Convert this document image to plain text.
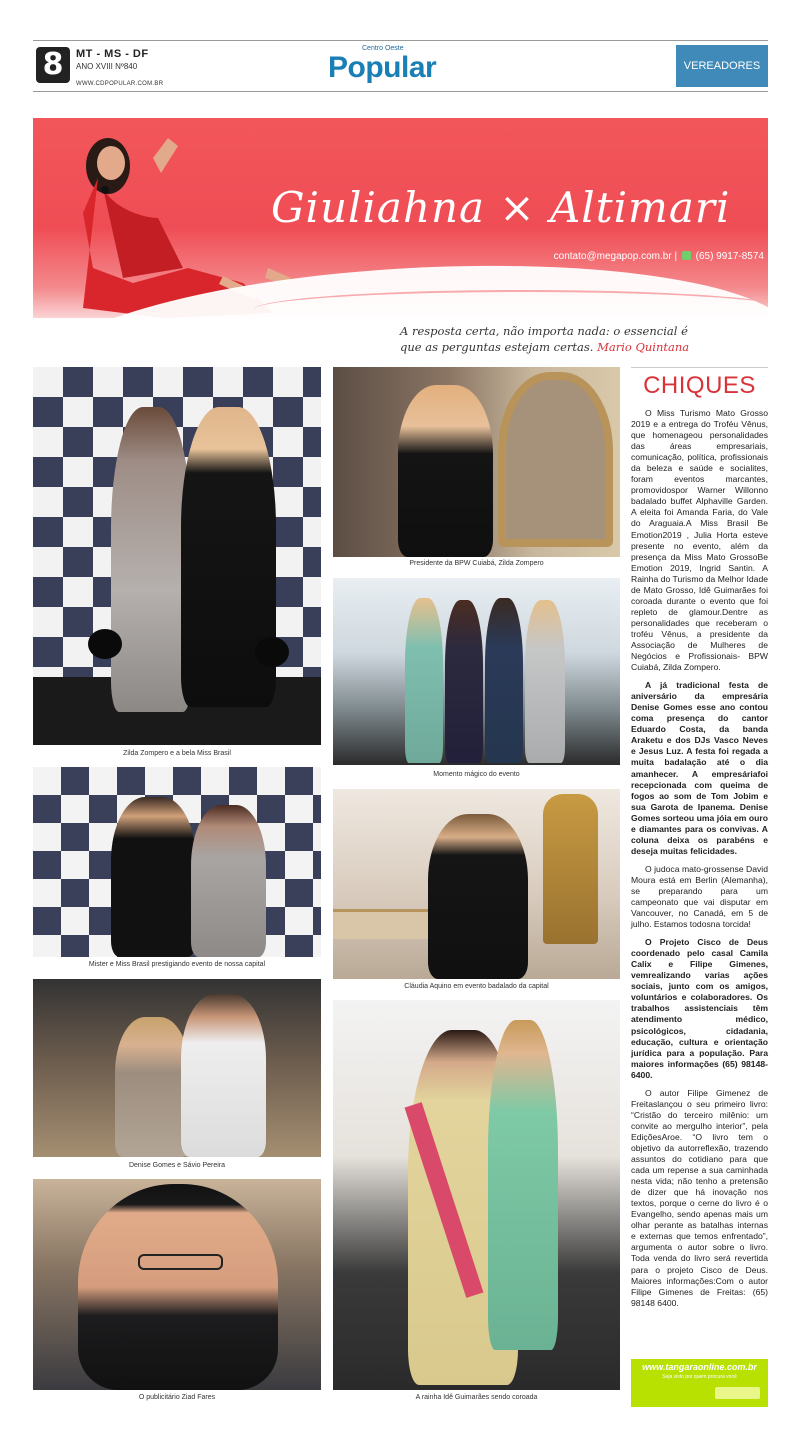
8	MT - MS - DF
ANO XVIII Nº840
WWW.CDPOPULAR.COM.BR
Centro Oeste
Popular	VEREADORES
Giuliahna × Altimari
contato@megapop.com.br |  (65) 9917-8574
A resposta certa, não importa nada: o essencial é que as perguntas estejam certas. Mario Quintana
Zilda Zompero e a bela Miss Brasil
Presidente da BPW Cuiabá, Zilda Zompero
Momento mágico do evento
Mister e Miss Brasil prestigiando evento de nossa capital
Cláudia Aquino em evento badalado da capital
Denise Gomes e Sávio Pereira
A rainha Idê Guimarães sendo coroada
O publicitário Ziad Fares
CHIQUES

O Miss Turismo Mato Grosso 2019 e a entrega do Troféu Vênus, que homenageou personalidades das áreas empresariais, comunicação, política, profissionais da beleza e saúde e socialites, foram eventos marcantes, promovidospor Warner Willonno badalado buffet Alphaville Garden. A eleita foi Amanda Faria, do Vale do Araguaia.A Miss Brasil Be Emotion2019 , Julia Horta esteve presente no evento, além da presença da Miss Mato GrossoBe Emotion 2019, Ingrid Santin. A Rainha do Turismo da Melhor Idade de Mato Grosso, Idê Guimarães foi coroada durante o evento que foi repleto de glamour.Dentre as personalidades que receberam o troféu Vênus, a presidente da Associação de Mulheres de Negócios e Profissionais- BPW Cuiabá, Zilda Zompero.

A já tradicional festa de aniversário da empresária Denise Gomes esse ano contou coma presença do cantor Eduardo Costa, da banda Araketu e dos DJs Vasco Neves e Jesus Luz. A festa foi regada a muita badalação até o dia amanhecer. A empresáriafoi recepcionada com queima de fogos ao som de Tom Jobim e sua Garota de Ipanema. Denise Gomes sorteou uma jóia em ouro e diamantes para os convivas. A coluna deixa os parabéns e deseja muitas felicidades.

O judoca mato-grossense David Moura está em Berlin (Alemanha), se preparando para um campeonato que vai disputar em Vancouver, no Canadá, em 5 de julho. Estamos todosna torcida!

O Projeto Cisco de Deus coordenado pelo casal Camila Calix e Filipe Gimenes, vemrealizando varias ações sociais, junto com os amigos, voluntários e colaboradores. Os trabalhos assistenciais têm atendimento médico, psicológicos, cidadania, educação, cultura e orientação jurídica para a população. Para maiores informações (65) 98148-6400.

O autor Filipe Gimenez de Freitaslançou o seu primeiro livro: “Cristão do terceiro milênio: um convite ao mergulho interior”, pela EdiçõesAroe. “O livro tem o objetivo da autorreflexão, trazendo assuntos do cotidiano para que cada um repense a sua caminhada nesta vida; não tenho a pretensão de dizer que há inovação nos textos, porque o cerne do livro é o Evangelho, sendo apenas mais um olhar perante as batalhas internas e externas que temos enfrentado”, argumenta o autor sobre o livro. Toda venda do livro será revertida para o projeto Cisco de Deus. Maiores informações:Com o autor Filipe Gimenes de Freitas: (65) 98148 6400.

www.tangaraonline.com.br
Seja visto por quem procura você
